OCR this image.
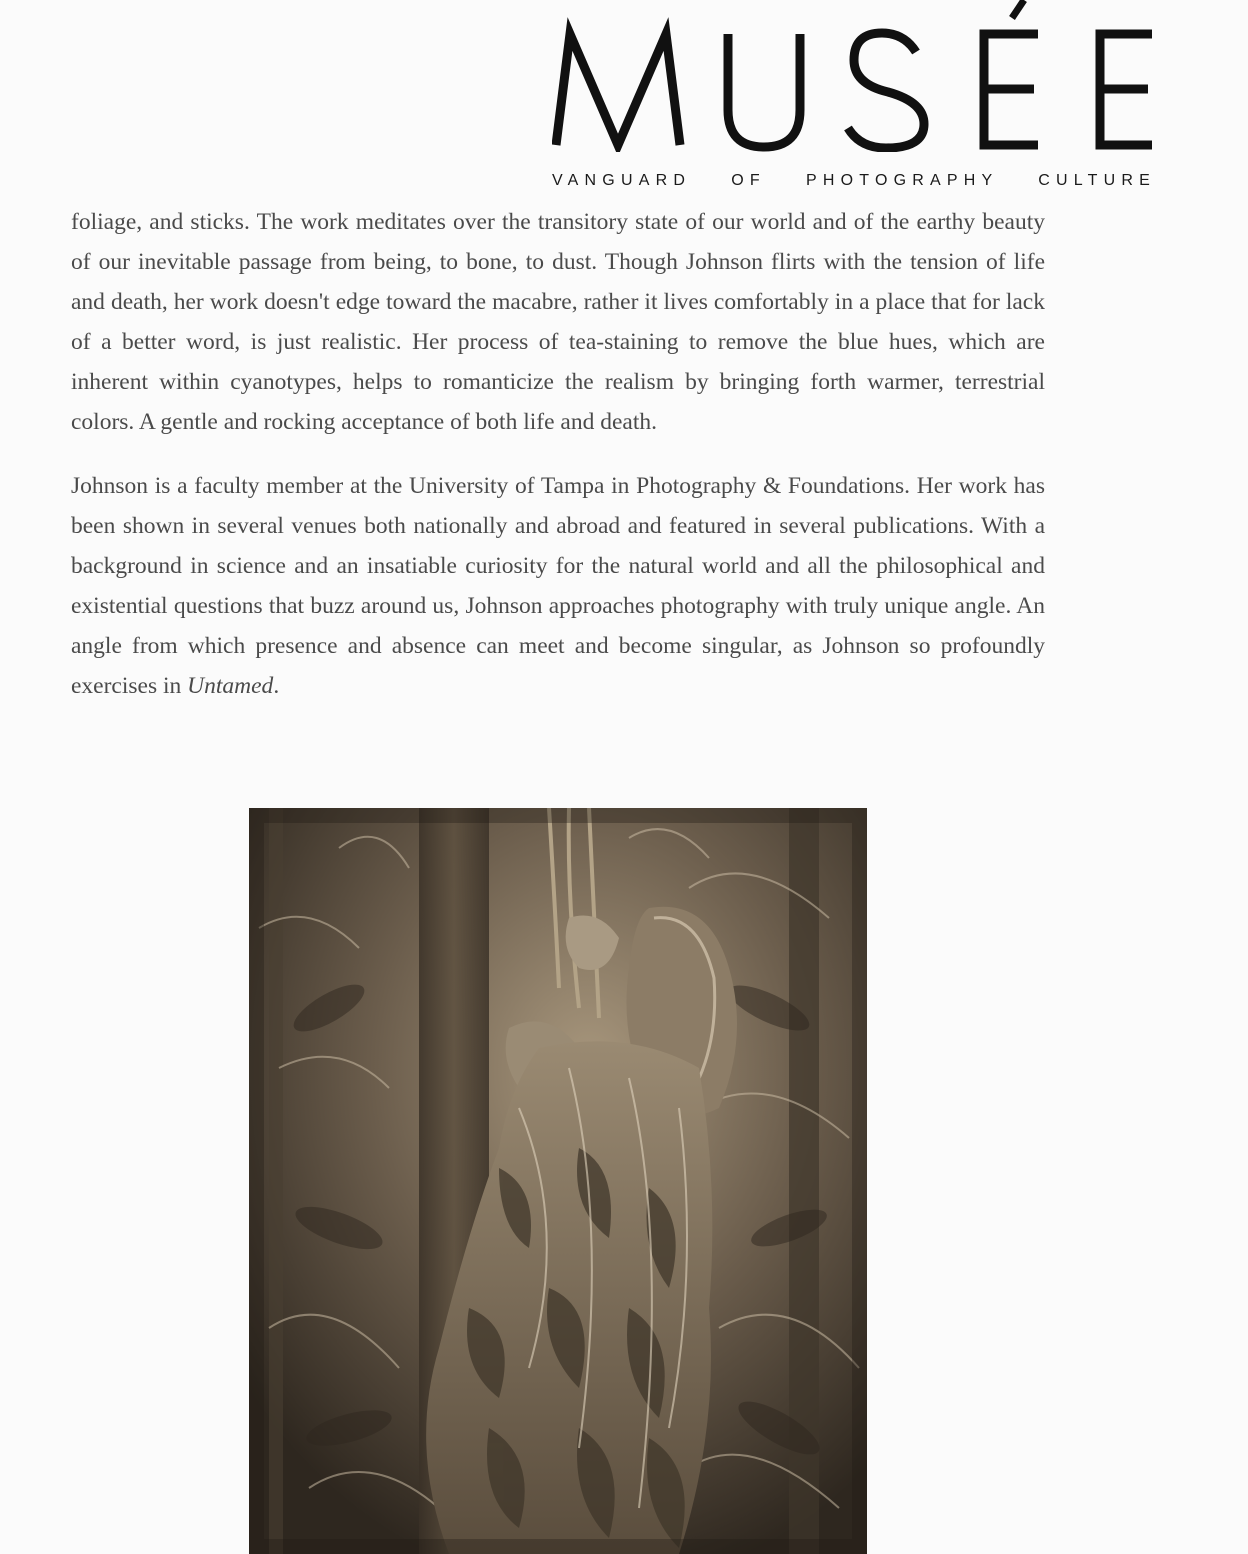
VANGUARD OF PHOTOGRAPHY CULTURE

foliage, and sticks. The work meditates over the transitory state of our world and of the earthy beauty of our inevitable passage from being, to bone, to dust. Though Johnson flirts with the tension of life and death, her work doesn't edge toward the macabre, rather it lives comfortably in a place that for lack of a better word, is just realistic. Her process of tea-staining to remove the blue hues, which are inherent within cyanotypes, helps to romanticize the realism by bringing forth warmer, terrestrial colors. A gentle and rocking acceptance of both life and death.

Johnson is a faculty member at the University of Tampa in Photography & Foundations. Her work has been shown in several venues both nationally and abroad and featured in several publications. With a background in science and an insatiable curiosity for the natural world and all the philosophical and existential questions that buzz around us, Johnson approaches photography with truly unique angle. An angle from which presence and absence can meet and become singular, as Johnson so profoundly exercises in Untamed.
